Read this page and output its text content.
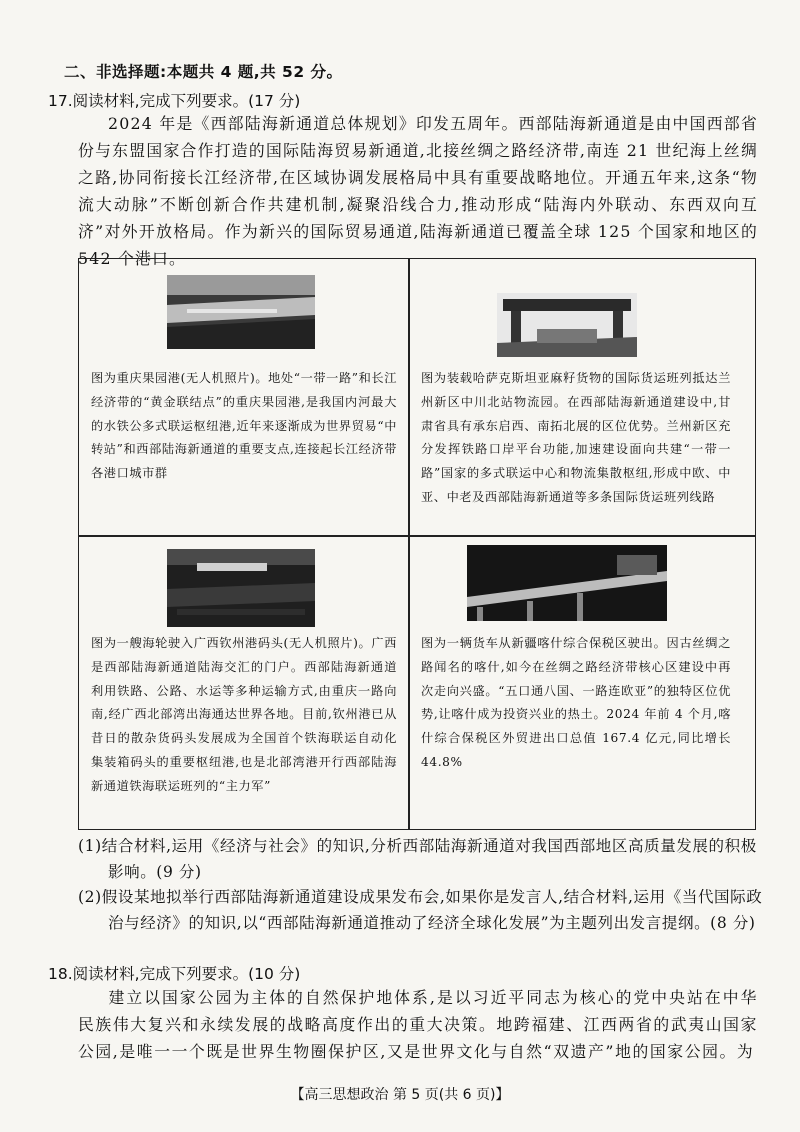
二、非选择题:本题共 4 题,共 52 分。
17.阅读材料,完成下列要求。(17 分)
2024 年是《西部陆海新通道总体规划》印发五周年。西部陆海新通道是由中国西部省份与东盟国家合作打造的国际陆海贸易新通道,北接丝绸之路经济带,南连 21 世纪海上丝绸之路,协同衔接长江经济带,在区域协调发展格局中具有重要战略地位。开通五年来,这条“物流大动脉”不断创新合作共建机制,凝聚沿线合力,推动形成“陆海内外联动、东西双向互济”对外开放格局。作为新兴的国际贸易通道,陆海新通道已覆盖全球 125 个国家和地区的 542 个港口。
图为重庆果园港(无人机照片)。地处“一带一路”和长江经济带的“黄金联结点”的重庆果园港,是我国内河最大的水铁公多式联运枢纽港,近年来逐渐成为世界贸易“中转站”和西部陆海新通道的重要支点,连接起长江经济带各港口城市群
图为装载哈萨克斯坦亚麻籽货物的国际货运班列抵达兰州新区中川北站物流园。在西部陆海新通道建设中,甘肃省具有承东启西、南拓北展的区位优势。兰州新区充分发挥铁路口岸平台功能,加速建设面向共建“一带一路”国家的多式联运中心和物流集散枢纽,形成中欧、中亚、中老及西部陆海新通道等多条国际货运班列线路
图为一艘海轮驶入广西钦州港码头(无人机照片)。广西是西部陆海新通道陆海交汇的门户。西部陆海新通道利用铁路、公路、水运等多种运输方式,由重庆一路向南,经广西北部湾出海通达世界各地。目前,钦州港已从昔日的散杂货码头发展成为全国首个铁海联运自动化集装箱码头的重要枢纽港,也是北部湾港开行西部陆海新通道铁海联运班列的“主力军”
图为一辆货车从新疆喀什综合保税区驶出。因古丝绸之路闻名的喀什,如今在丝绸之路经济带核心区建设中再次走向兴盛。“五口通八国、一路连欧亚”的独特区位优势,让喀什成为投资兴业的热土。2024 年前 4 个月,喀什综合保税区外贸进出口总值 167.4 亿元,同比增长 44.8%
(1)结合材料,运用《经济与社会》的知识,分析西部陆海新通道对我国西部地区高质量发展的积极影响。(9 分)
(2)假设某地拟举行西部陆海新通道建设成果发布会,如果你是发言人,结合材料,运用《当代国际政治与经济》的知识,以“西部陆海新通道推动了经济全球化发展”为主题列出发言提纲。(8 分)
18.阅读材料,完成下列要求。(10 分)
建立以国家公园为主体的自然保护地体系,是以习近平同志为核心的党中央站在中华民族伟大复兴和永续发展的战略高度作出的重大决策。地跨福建、江西两省的武夷山国家公园,是唯一一个既是世界生物圈保护区,又是世界文化与自然“双遗产”地的国家公园。为
【高三思想政治 第 5 页(共 6 页)】
